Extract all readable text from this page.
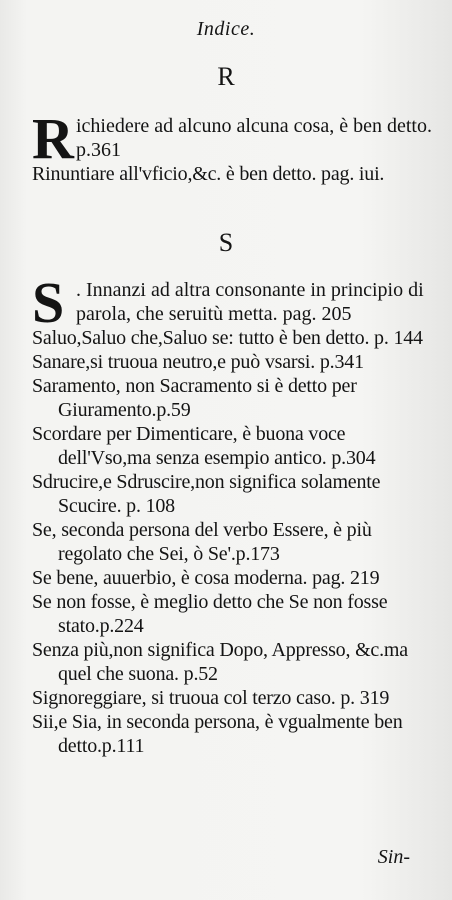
Indice.
R
R ichiedere ad alcuno alcuna cosa, è ben detto. p.361

Rinuntiare all'vficio,&c. è ben detto. pag. iui.

S
S . Innanzi ad altra consonante in principio di parola, che seruitù metta. pag. 205

Saluo,Saluo che,Saluo se: tutto è ben detto. p. 144

Sanare,si truoua neutro,e può vsarsi. p.341

Saramento, non Sacramento si è detto per Giuramento.p.59

Scordare per Dimenticare, è buona voce dell'Vso,ma senza esempio antico. p.304

Sdrucire,e Sdruscire,non significa solamente Scucire. p. 108

Se, seconda persona del verbo Essere, è più regolato che Sei, ò Se'.p.173

Se bene, auuerbio, è cosa moderna. pag. 219

Se non fosse, è meglio detto che Se non fosse stato.p.224

Senza più,non significa Dopo, Appresso, &c.ma quel che suona. p.52

Signoreggiare, si truoua col terzo caso. p. 319

Sii,e Sia, in seconda persona, è vgualmente ben detto.p.111

Sin-
